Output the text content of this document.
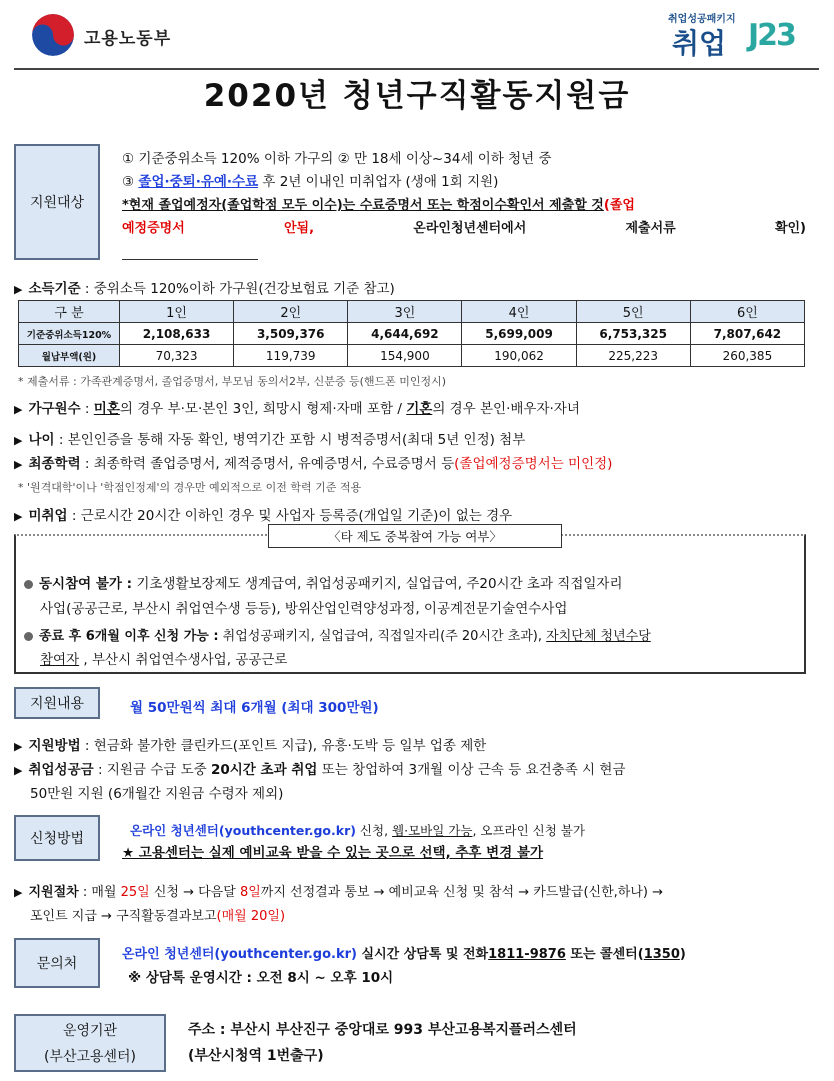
고용노동부
취업성공패키지
취업 J23
2020년 청년구직활동지원금
지원대상
① 기준중위소득 120% 이하 가구의 ② 만 18세 이상~34세 이하 청년 중
③ 졸업·중퇴·유예·수료 후 2년 이내인 미취업자 (생애 1회 지원)
*현재 졸업예정자(졸업학점 모두 이수)는 수료증명서 또는 학점이수확인서 제출할 것(졸업
예정증명서	안됨,	온라인청년센터에서	제출서류	확인)
▶ 소득기준 : 중위소득 120%이하 가구원(건강보험료 기준 참고)
구 분	1인	2인	3인	4인	5인	6인
기준중위소득120%	2,108,633	3,509,376	4,644,692	5,699,009	6,753,325	7,807,642
월납부액(원)	70,323	119,739	154,900	190,062	225,223	260,385
* 제출서류 : 가족관계증명서, 졸업증명서, 부모님 동의서2부, 신분증 등(핸드폰 미인정시)
▶ 가구원수 : 미혼의 경우 부·모·본인 3인, 희망시 형제·자매 포함 / 기혼의 경우 본인·배우자·자녀
▶ 나이 : 본인인증을 통해 자동 확인, 병역기간 포함 시 병적증명서(최대 5년 인정) 첨부
▶ 최종학력 : 최종학력 졸업증명서, 제적증명서, 유예증명서, 수료증명서 등(졸업예정증명서는 미인정)
* '원격대학'이나 '학점인정제'의 경우만 예외적으로 이전 학력 기준 적용
▶ 미취업 : 근로시간 20시간 이하인 경우 및 사업자 등록증(개업일 기준)이 없는 경우
〈타 제도 중복참여 가능 여부〉
동시참여 불가 : 기초생활보장제도 생계급여, 취업성공패키지, 실업급여, 주20시간 초과 직접일자리
사업(공공근로, 부산시 취업연수생 등등), 방위산업인력양성과정, 이공계전문기술연수사업
종료 후 6개월 이후 신청 가능 : 취업성공패키지, 실업급여, 직접일자리(주 20시간 초과), 자치단체 청년수당
참여자 , 부산시 취업연수생사업, 공공근로
지원내용	월 50만원씩 최대 6개월 (최대 300만원)
▶ 지원방법 : 현금화 불가한 클린카드(포인트 지급), 유흥·도박 등 일부 업종 제한
▶ 취업성공금 : 지원금 수급 도중 20시간 초과 취업 또는 창업하여 3개월 이상 근속 등 요건충족 시 현금
50만원 지원 (6개월간 지원금 수령자 제외)
신청방법
온라인 청년센터(youthcenter.go.kr) 신청, 웹·모바일 가능, 오프라인 신청 불가
★ 고용센터는 실제 예비교육 받을 수 있는 곳으로 선택, 추후 변경 불가
▶ 지원절차 : 매월 25일 신청 → 다음달 8일까지 선정결과 통보 → 예비교육 신청 및 참석 → 카드발급(신한,하나) →
포인트 지급 → 구직활동결과보고(매월 20일)
문의처
온라인 청년센터(youthcenter.go.kr) 실시간 상담톡 및 전화1811-9876 또는 콜센터(1350)
※ 상담톡 운영시간 : 오전 8시 ~ 오후 10시
운영기관
(부산고용센터)
주소 : 부산시 부산진구 중앙대로 993 부산고용복지플러스센터
(부산시청역 1번출구)
